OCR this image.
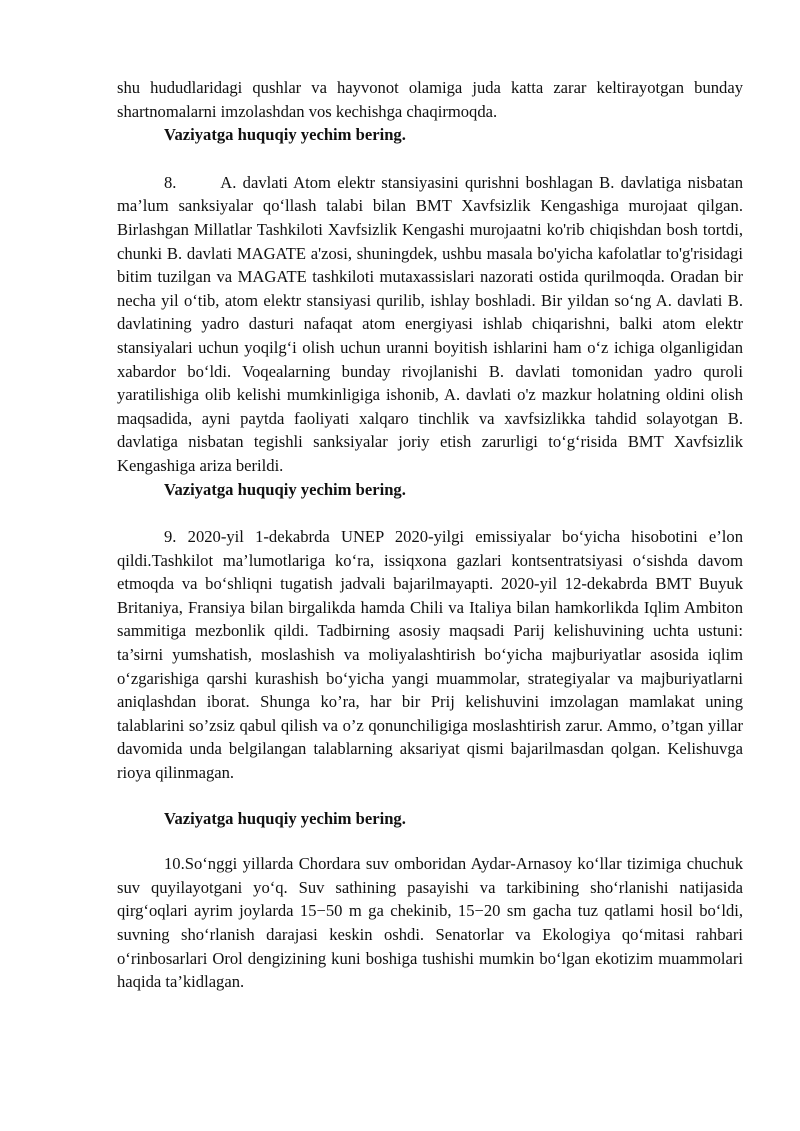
shu hududlaridagi qushlar va hayvonot olamiga juda katta zarar keltirayotgan bunday shartnomalarni imzolashdan vos kechishga chaqirmoqda.

Vaziyatga huquqiy yechim bering.

8.       A. davlati Atom elektr stansiyasini qurishni boshlagan B. davlatiga nisbatan ma’lum sanksiyalar qo‘llash talabi bilan BMT Xavfsizlik Kengashiga murojaat qilgan. Birlashgan Millatlar Tashkiloti Xavfsizlik Kengashi murojaatni ko'rib chiqishdan bosh tortdi, chunki B. davlati MAGATE a'zosi, shuningdek, ushbu masala bo'yicha kafolatlar to'g'risidagi bitim tuzilgan va MAGATE tashkiloti mutaxassislari nazorati ostida qurilmoqda. Oradan bir necha yil o‘tib, atom elektr stansiyasi qurilib, ishlay boshladi. Bir yildan so‘ng A. davlati B. davlatining yadro dasturi nafaqat atom energiyasi ishlab chiqarishni, balki atom elektr stansiyalari uchun yoqilg‘i olish uchun uranni boyitish ishlarini ham o‘z ichiga olganligidan xabardor bo‘ldi. Voqealarning bunday rivojlanishi B. davlati tomonidan yadro quroli yaratilishiga olib kelishi mumkinligiga ishonib, A. davlati o'z mazkur holatning oldini olish maqsadida, ayni paytda faoliyati xalqaro tinchlik va xavfsizlikka tahdid solayotgan B. davlatiga nisbatan tegishli sanksiyalar joriy etish zarurligi to‘g‘risida BMT Xavfsizlik Kengashiga ariza berildi.

Vaziyatga huquqiy yechim bering.

9. 2020-yil 1-dekabrda UNEP 2020-yilgi emissiyalar bo‘yicha hisobotini e’lon qildi.Tashkilot ma’lumotlariga ko‘ra, issiqxona gazlari kontsentratsiyasi o‘sishda davom etmoqda va bo‘shliqni tugatish jadvali bajarilmayapti. 2020-yil 12-dekabrda BMT Buyuk Britaniya, Fransiya bilan birgalikda hamda Chili va Italiya bilan hamkorlikda Iqlim Ambiton sammitiga mezbonlik qildi. Tadbirning asosiy maqsadi Parij kelishuvining uchta ustuni: ta’sirni yumshatish, moslashish va moliyalashtirish bo‘yicha majburiyatlar asosida iqlim o‘zgarishiga qarshi kurashish bo‘yicha yangi muammolar, strategiyalar va majburiyatlarni aniqlashdan iborat. Shunga ko’ra, har bir Prij kelishuvini imzolagan mamlakat uning talablarini so’zsiz qabul qilish va o’z qonunchiligiga moslashtirish zarur. Ammo, o’tgan yillar davomida unda belgilangan talablarning aksariyat qismi bajarilmasdan qolgan. Kelishuvga rioya qilinmagan.

Vaziyatga huquqiy yechim bering.

10.So‘nggi yillarda Chordara suv omboridan Aydar-Arnasoy ko‘llar tizimiga chuchuk suv quyilayotgani yo‘q. Suv sathining pasayishi va tarkibining sho‘rlanishi natijasida qirg‘oqlari ayrim joylarda 15−50 m ga chekinib, 15−20 sm gacha tuz qatlami hosil bo‘ldi, suvning sho‘rlanish darajasi keskin oshdi. Senatorlar va Ekologiya qo‘mitasi rahbari o‘rinbosarlari Orol dengizining kuni boshiga tushishi mumkin bo‘lgan ekotizim muammolari haqida ta’kidlagan.
